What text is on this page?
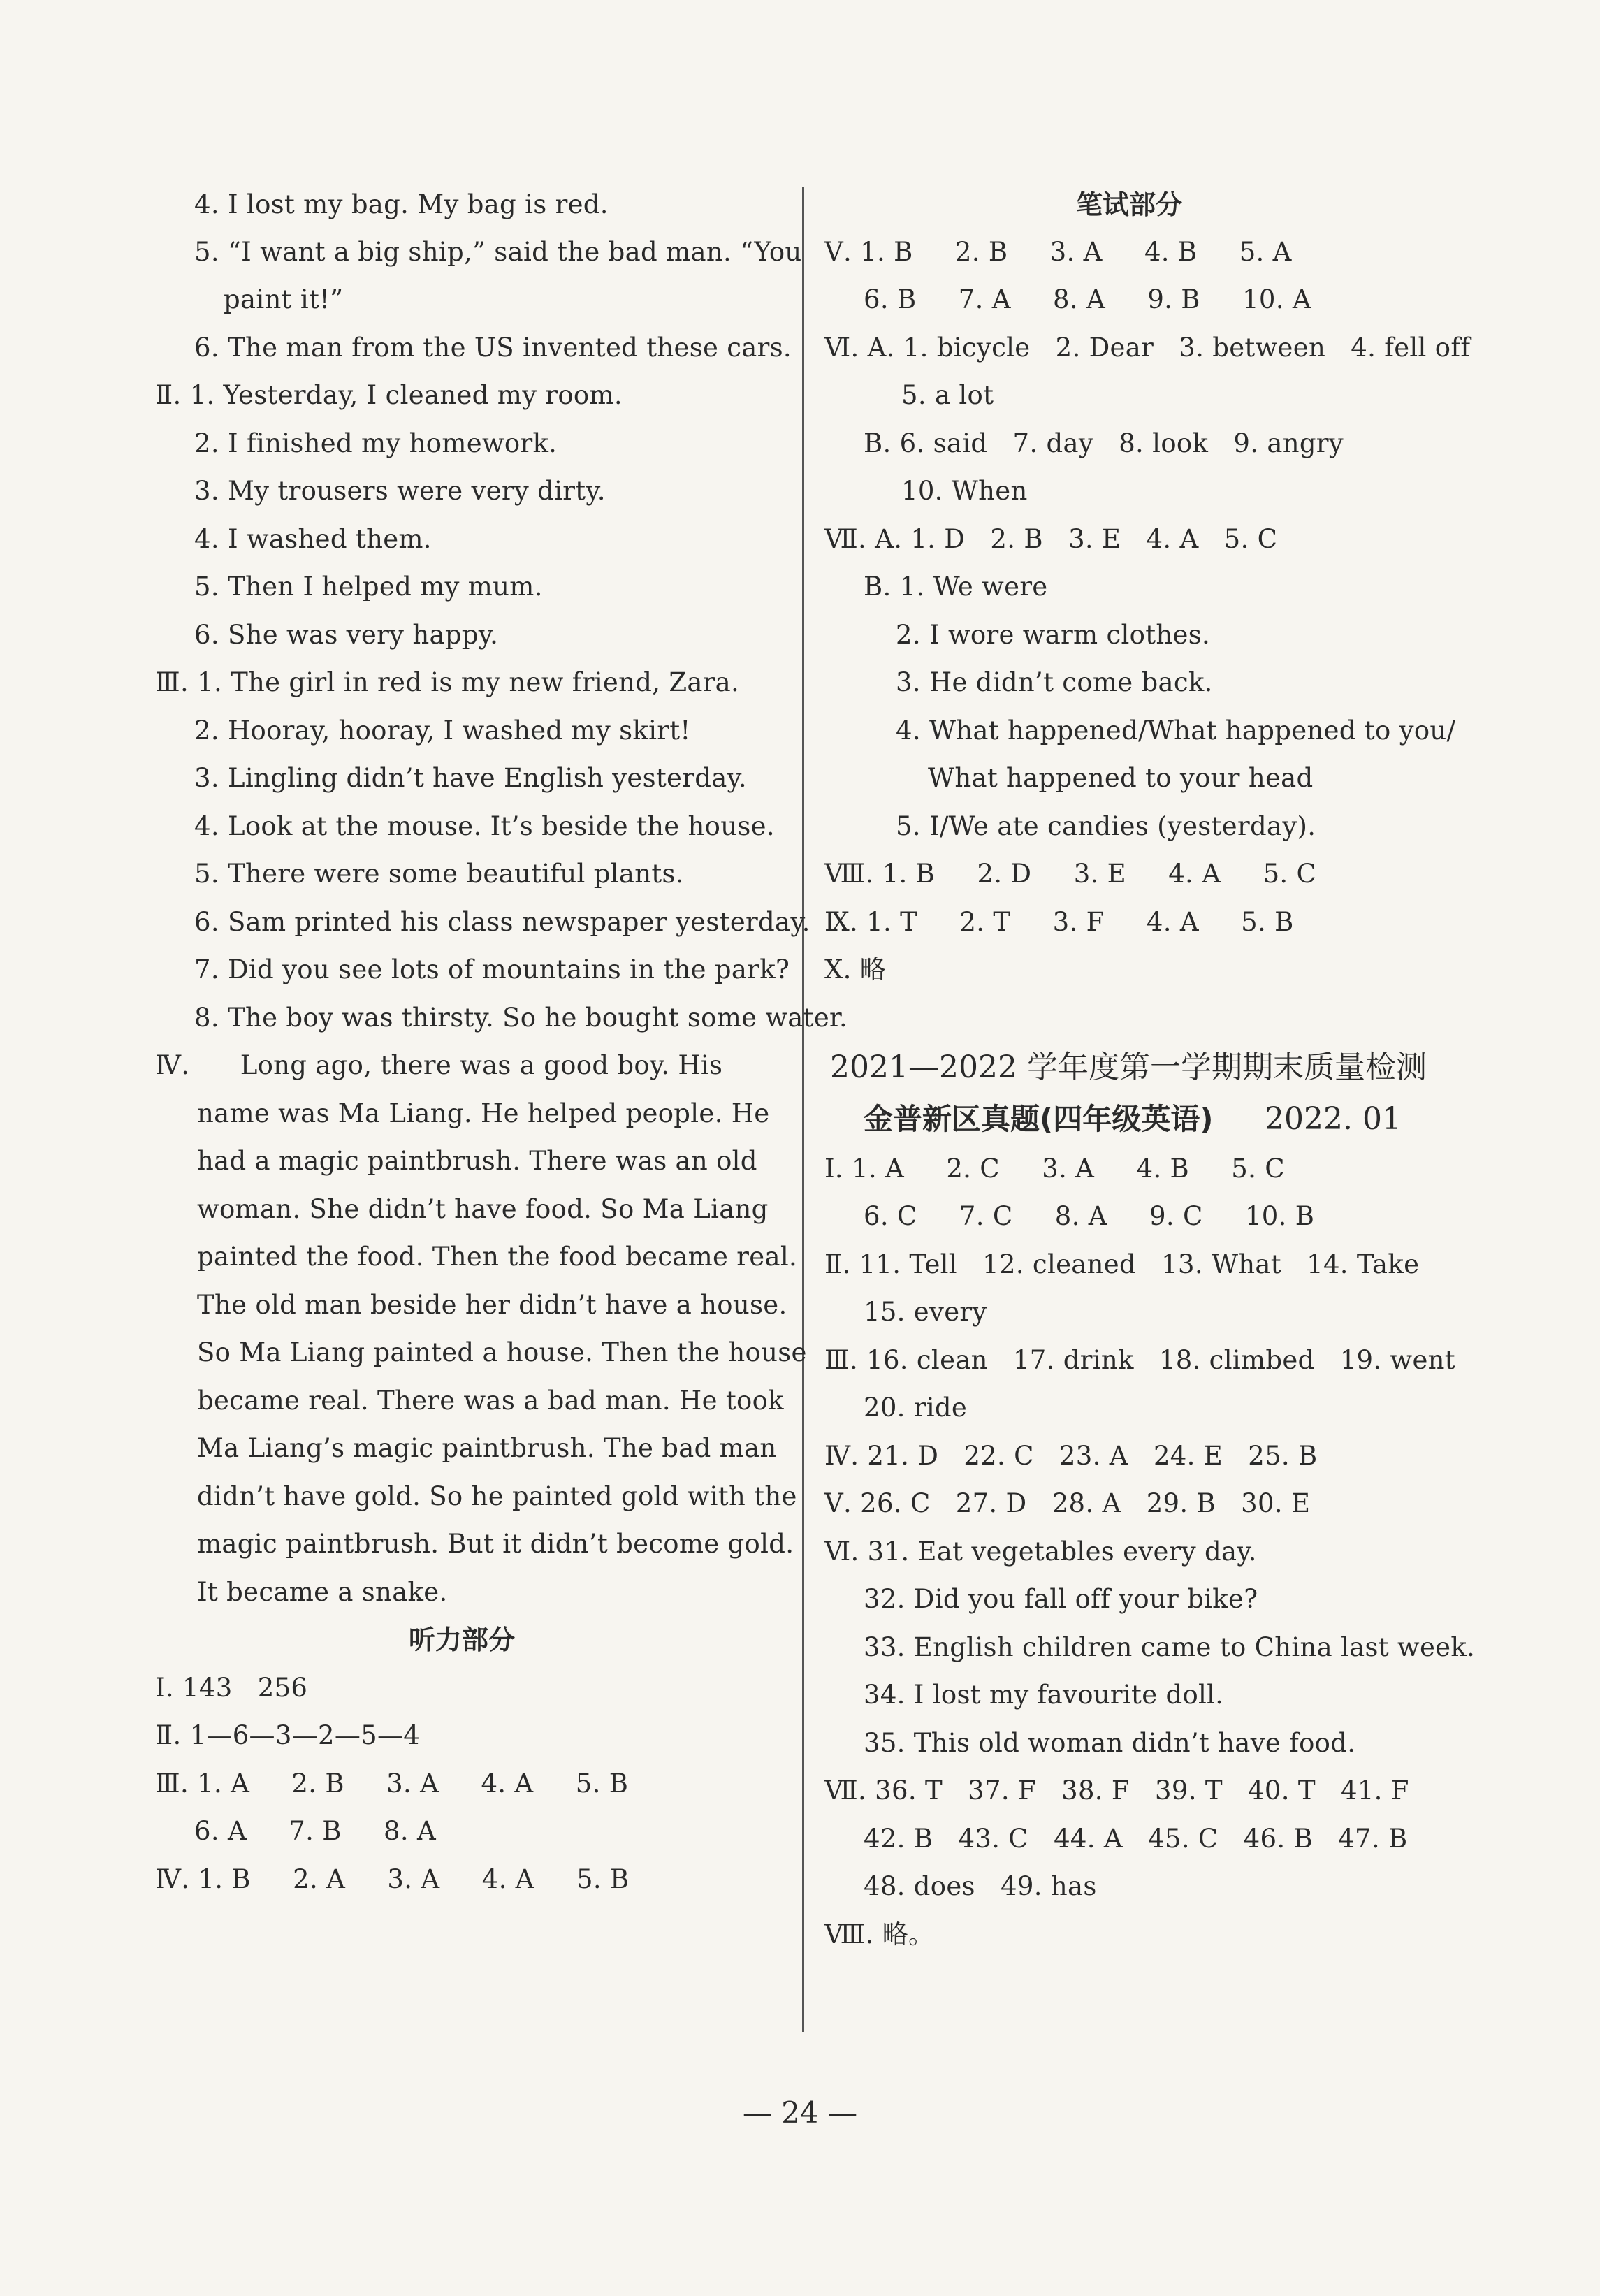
4. I lost my bag. My bag is red.
5. “I want a big ship,” said the bad man. “You
paint it!”
6. The man from the US invented these cars.
Ⅱ. 1. Yesterday, I cleaned my room.
2. I finished my homework.
3. My trousers were very dirty.
4. I washed them.
5. Then I helped my mum.
6. She was very happy.
Ⅲ. 1. The girl in red is my new friend, Zara.
2. Hooray, hooray, I washed my skirt!
3. Lingling didn’t have English yesterday.
4. Look at the mouse. It’s beside the house.
5. There were some beautiful plants.
6. Sam printed his class newspaper yesterday.
7. Did you see lots of mountains in the park?
8. The boy was thirsty. So he bought some water.
Ⅳ.      Long ago, there was a good boy. His
name was Ma Liang. He helped people. He
had a magic paintbrush. There was an old
woman. She didn’t have food. So Ma Liang
painted the food. Then the food became real.
The old man beside her didn’t have a house.
So Ma Liang painted a house. Then the house
became real. There was a bad man. He took
Ma Liang’s magic paintbrush. The bad man
didn’t have gold. So he painted gold with the
magic paintbrush. But it didn’t become gold.
It became a snake.
听力部分
Ⅰ. 143   256
Ⅱ. 1—6—3—2—5—4
Ⅲ. 1. A     2. B     3. A     4. A     5. B
6. A     7. B     8. A
Ⅳ. 1. B     2. A     3. A     4. A     5. B
笔试部分
Ⅴ. 1. B     2. B     3. A     4. B     5. A
6. B     7. A     8. A     9. B     10. A
Ⅵ. A. 1. bicycle   2. Dear   3. between   4. fell off
5. a lot
B. 6. said   7. day   8. look   9. angry
10. When
Ⅶ. A. 1. D   2. B   3. E   4. A   5. C
B. 1. We were
2. I wore warm clothes.
3. He didn’t come back.
4. What happened/What happened to you/
What happened to your head
5. I/We ate candies (yesterday).
Ⅷ. 1. B     2. D     3. E     4. A     5. C
Ⅸ. 1. T     2. T     3. F     4. A     5. B
Ⅹ. 略
2021—2022 学年度第一学期期末质量检测
金普新区真题(四年级英语) 2022. 01
Ⅰ. 1. A     2. C     3. A     4. B     5. C
6. C     7. C     8. A     9. C     10. B
Ⅱ. 11. Tell   12. cleaned   13. What   14. Take
15. every
Ⅲ. 16. clean   17. drink   18. climbed   19. went
20. ride
Ⅳ. 21. D   22. C   23. A   24. E   25. B
Ⅴ. 26. C   27. D   28. A   29. B   30. E
Ⅵ. 31. Eat vegetables every day.
32. Did you fall off your bike?
33. English children came to China last week.
34. I lost my favourite doll.
35. This old woman didn’t have food.
Ⅶ. 36. T   37. F   38. F   39. T   40. T   41. F
42. B   43. C   44. A   45. C   46. B   47. B
48. does   49. has
Ⅷ. 略。
— 24 —
